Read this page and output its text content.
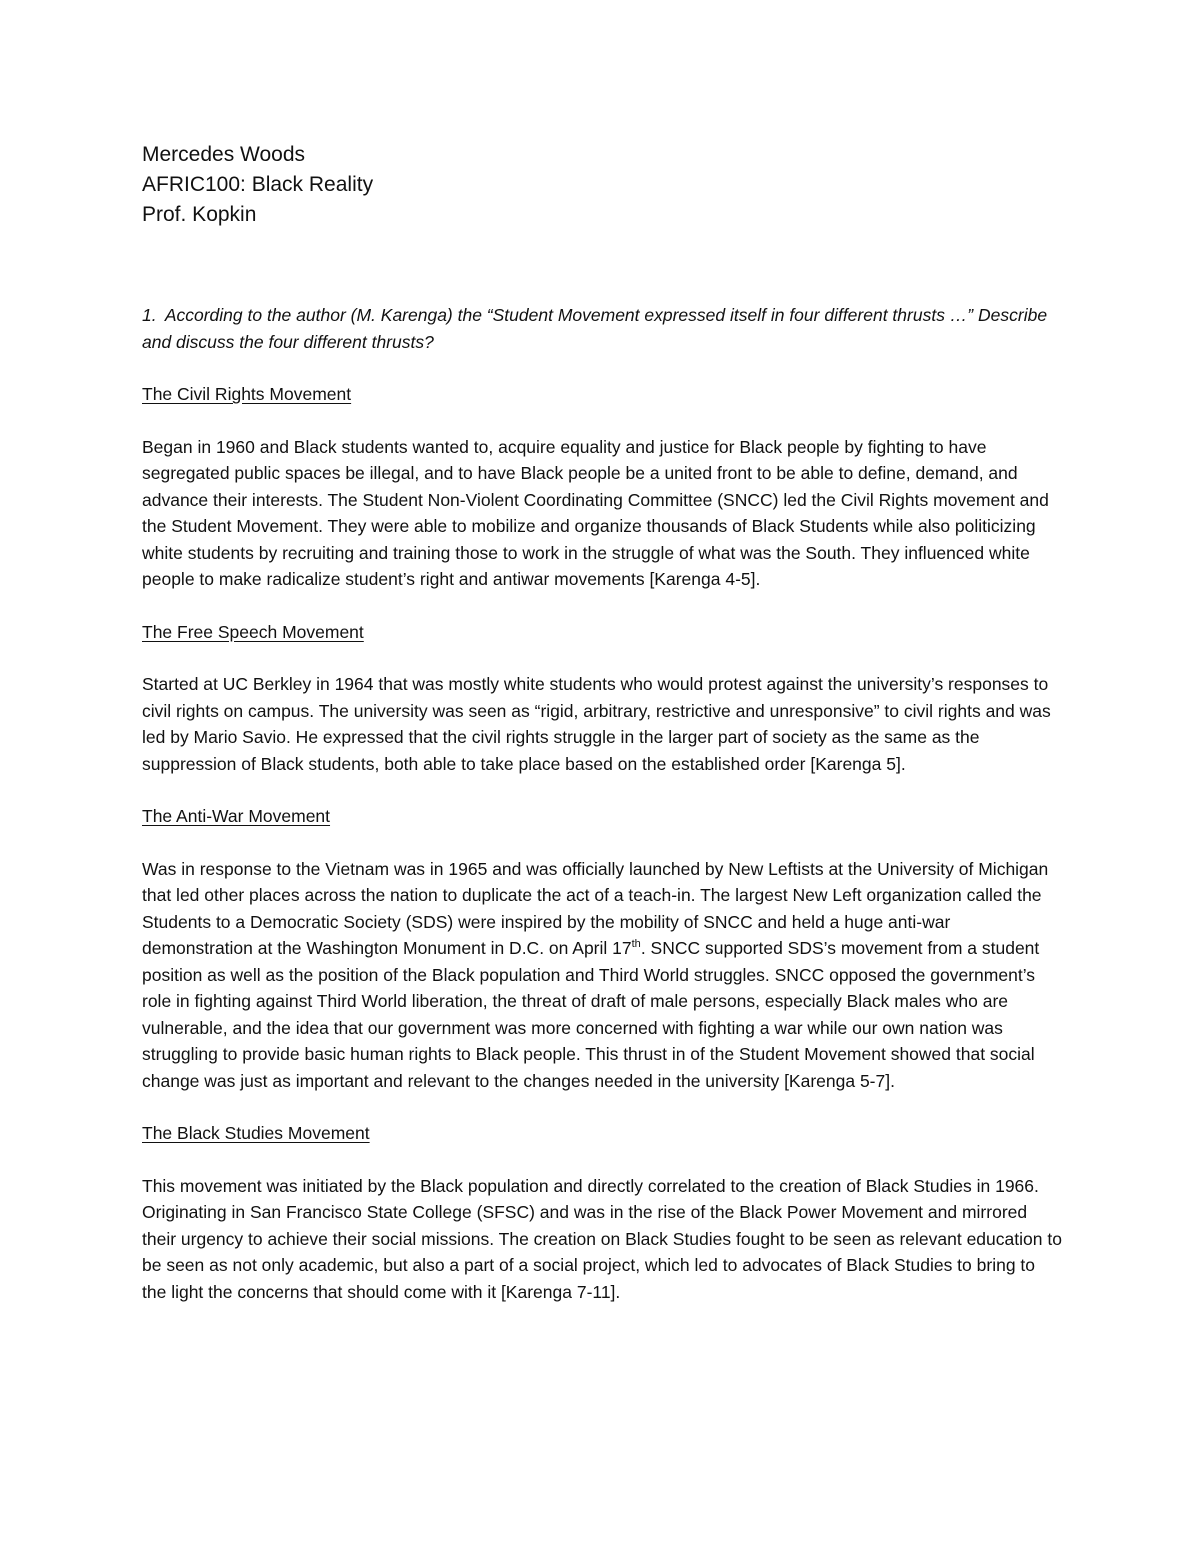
Mercedes Woods

AFRIC100: Black Reality

Prof. Kopkin

1. According to the author (M. Karenga) the “Student Movement expressed itself in four different thrusts …” Describe and discuss the four different thrusts?

The Civil Rights Movement

Began in 1960 and Black students wanted to, acquire equality and justice for Black people by fighting to have segregated public spaces be illegal, and to have Black people be a united front to be able to define, demand, and advance their interests. The Student Non-Violent Coordinating Committee (SNCC) led the Civil Rights movement and the Student Movement. They were able to mobilize and organize thousands of Black Students while also politicizing white students by recruiting and training those to work in the struggle of what was the South. They influenced white people to make radicalize student’s right and antiwar movements [Karenga 4-5].

The Free Speech Movement

Started at UC Berkley in 1964 that was mostly white students who would protest against the university’s responses to civil rights on campus. The university was seen as “rigid, arbitrary, restrictive and unresponsive” to civil rights and was led by Mario Savio. He expressed that the civil rights struggle in the larger part of society as the same as the suppression of Black students, both able to take place based on the established order [Karenga 5].

The Anti-War Movement

Was in response to the Vietnam was in 1965 and was officially launched by New Leftists at the University of Michigan that led other places across the nation to duplicate the act of a teach-in. The largest New Left organization called the Students to a Democratic Society (SDS) were inspired by the mobility of SNCC and held a huge anti-war demonstration at the Washington Monument in D.C. on April 17th. SNCC supported SDS’s movement from a student position as well as the position of the Black population and Third World struggles. SNCC opposed the government’s role in fighting against Third World liberation, the threat of draft of male persons, especially Black males who are vulnerable, and the idea that our government was more concerned with fighting a war while our own nation was struggling to provide basic human rights to Black people. This thrust in of the Student Movement showed that social change was just as important and relevant to the changes needed in the university [Karenga 5-7].

The Black Studies Movement

This movement was initiated by the Black population and directly correlated to the creation of Black Studies in 1966. Originating in San Francisco State College (SFSC) and was in the rise of the Black Power Movement and mirrored their urgency to achieve their social missions. The creation on Black Studies fought to be seen as relevant education to be seen as not only academic, but also a part of a social project, which led to advocates of Black Studies to bring to the light the concerns that should come with it [Karenga 7-11].
